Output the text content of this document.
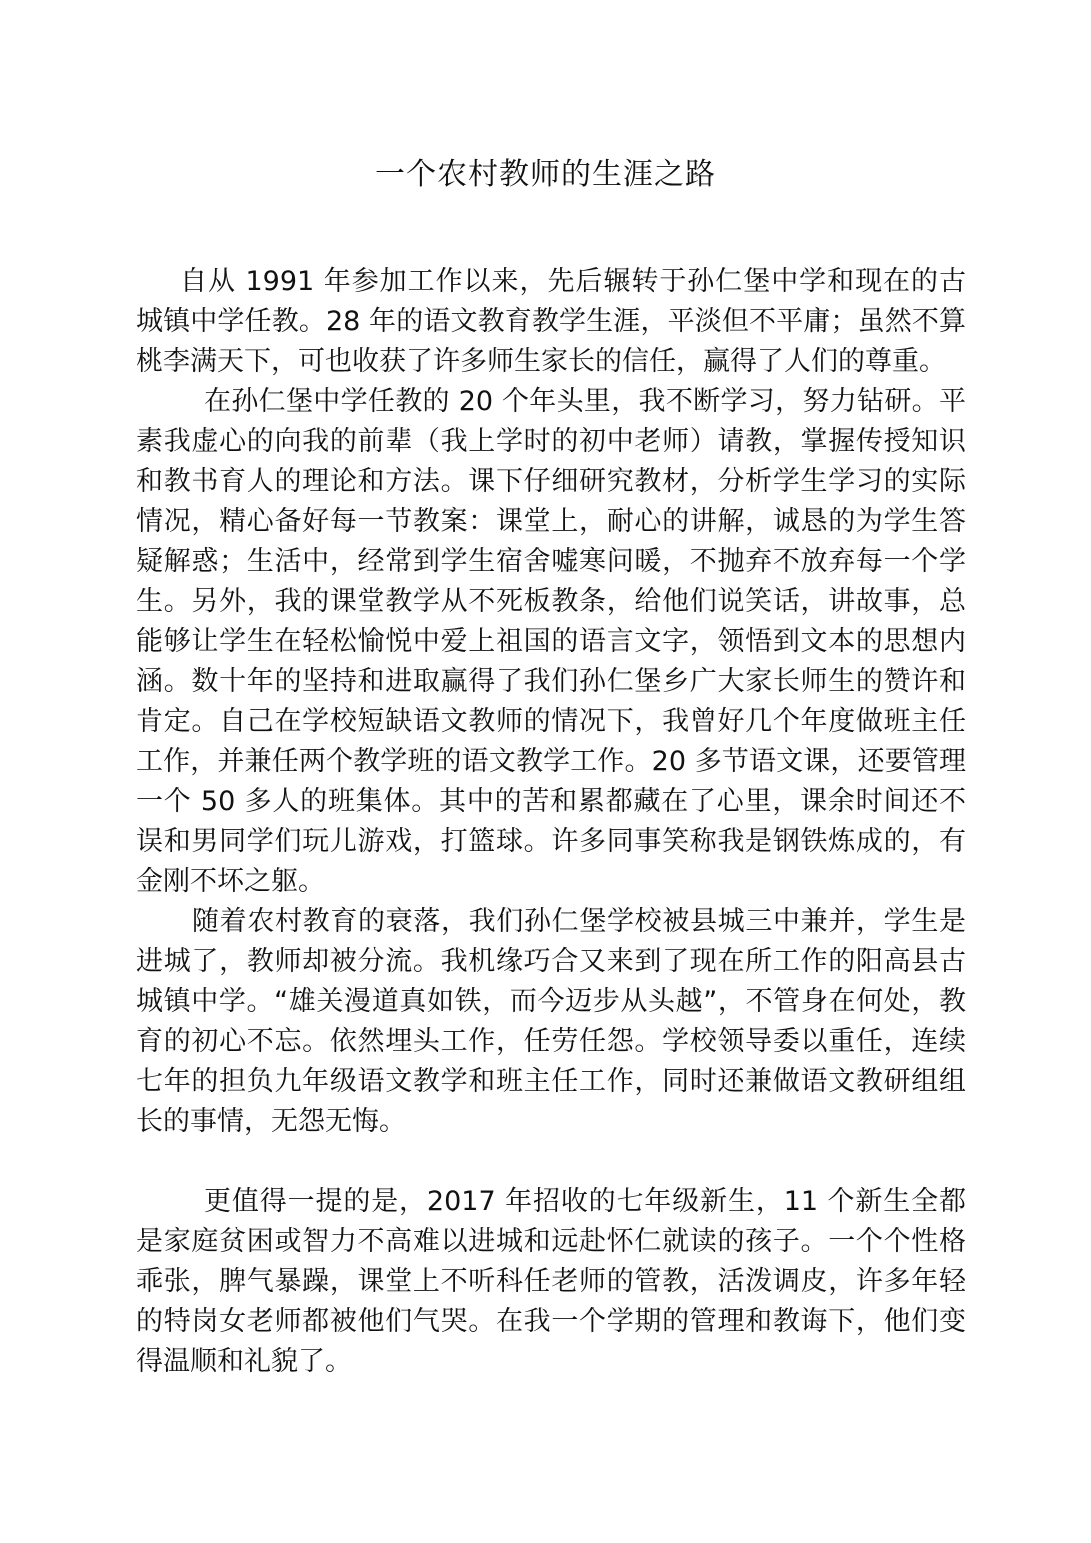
一个农村教师的生涯之路

自从 1991 年参加工作以来，先后辗转于孙仁堡中学和现在的古城镇中学任教。28 年的语文教育教学生涯，平淡但不平庸；虽然不算桃李满天下，可也收获了许多师生家长的信任，赢得了人们的尊重。

在孙仁堡中学任教的 20 个年头里，我不断学习，努力钻研。平素我虚心的向我的前辈（我上学时的初中老师）请教，掌握传授知识和教书育人的理论和方法。课下仔细研究教材，分析学生学习的实际情况，精心备好每一节教案：课堂上，耐心的讲解，诚恳的为学生答疑解惑；生活中，经常到学生宿舍嘘寒问暖，不抛弃不放弃每一个学生。另外，我的课堂教学从不死板教条，给他们说笑话，讲故事，总能够让学生在轻松愉悦中爱上祖国的语言文字，领悟到文本的思想内涵。数十年的坚持和进取赢得了我们孙仁堡乡广大家长师生的赞许和肯定。自己在学校短缺语文教师的情况下，我曾好几个年度做班主任工作，并兼任两个教学班的语文教学工作。20 多节语文课，还要管理一个 50 多人的班集体。其中的苦和累都藏在了心里，课余时间还不误和男同学们玩儿游戏，打篮球。许多同事笑称我是钢铁炼成的，有金刚不坏之躯。

随着农村教育的衰落，我们孙仁堡学校被县城三中兼并，学生是进城了，教师却被分流。我机缘巧合又来到了现在所工作的阳高县古城镇中学。“雄关漫道真如铁，而今迈步从头越”，不管身在何处，教育的初心不忘。依然埋头工作，任劳任怨。学校领导委以重任，连续七年的担负九年级语文教学和班主任工作，同时还兼做语文教研组组长的事情，无怨无悔。

更值得一提的是，2017 年招收的七年级新生，11 个新生全都是家庭贫困或智力不高难以进城和远赴怀仁就读的孩子。一个个性格乖张，脾气暴躁，课堂上不听科任老师的管教，活泼调皮，许多年轻的特岗女老师都被他们气哭。在我一个学期的管理和教诲下，他们变得温顺和礼貌了。
